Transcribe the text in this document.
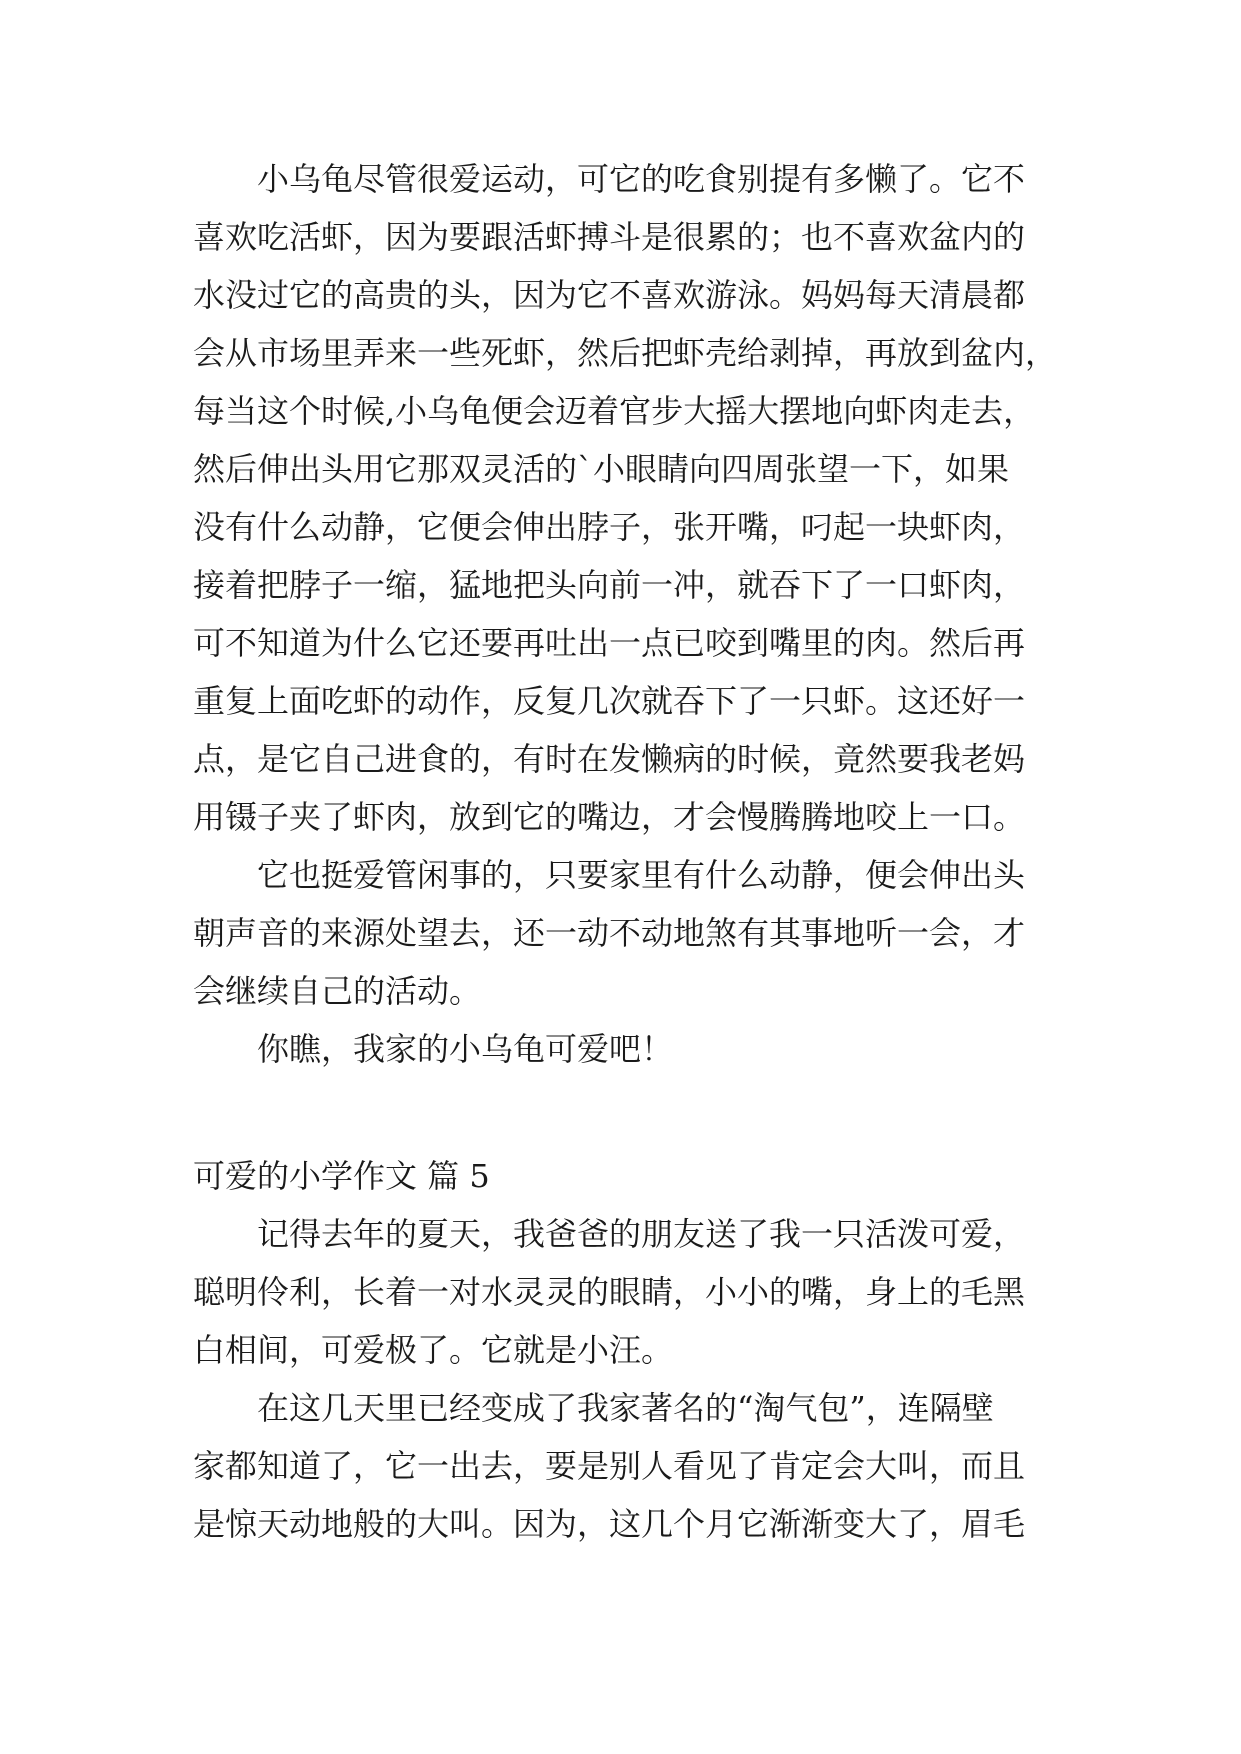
　　小乌龟尽管很爱运动，可它的吃食别提有多懒了。它不
喜欢吃活虾，因为要跟活虾搏斗是很累的；也不喜欢盆内的
水没过它的高贵的头，因为它不喜欢游泳。妈妈每天清晨都
会从市场里弄来一些死虾，然后把虾壳给剥掉，再放到盆内，
每当这个时候,小乌龟便会迈着官步大摇大摆地向虾肉走去，
然后伸出头用它那双灵活的`小眼睛向四周张望一下，如果
没有什么动静，它便会伸出脖子，张开嘴，叼起一块虾肉，
接着把脖子一缩，猛地把头向前一冲，就吞下了一口虾肉，
可不知道为什么它还要再吐出一点已咬到嘴里的肉。然后再
重复上面吃虾的动作，反复几次就吞下了一只虾。这还好一
点，是它自己进食的，有时在发懒病的时候，竟然要我老妈
用镊子夹了虾肉，放到它的嘴边，才会慢腾腾地咬上一口。
　　它也挺爱管闲事的，只要家里有什么动静，便会伸出头
朝声音的来源处望去，还一动不动地煞有其事地听一会，才
会继续自己的活动。
　　你瞧，我家的小乌龟可爱吧！
可爱的小学作文 篇 5
　　记得去年的夏天，我爸爸的朋友送了我一只活泼可爱，
聪明伶利，长着一对水灵灵的眼睛，小小的嘴，身上的毛黑
白相间，可爱极了。它就是小汪。
　　在这几天里已经变成了我家著名的“淘气包”，连隔壁
家都知道了，它一出去，要是别人看见了肯定会大叫，而且
是惊天动地般的大叫。因为，这几个月它渐渐变大了，眉毛
